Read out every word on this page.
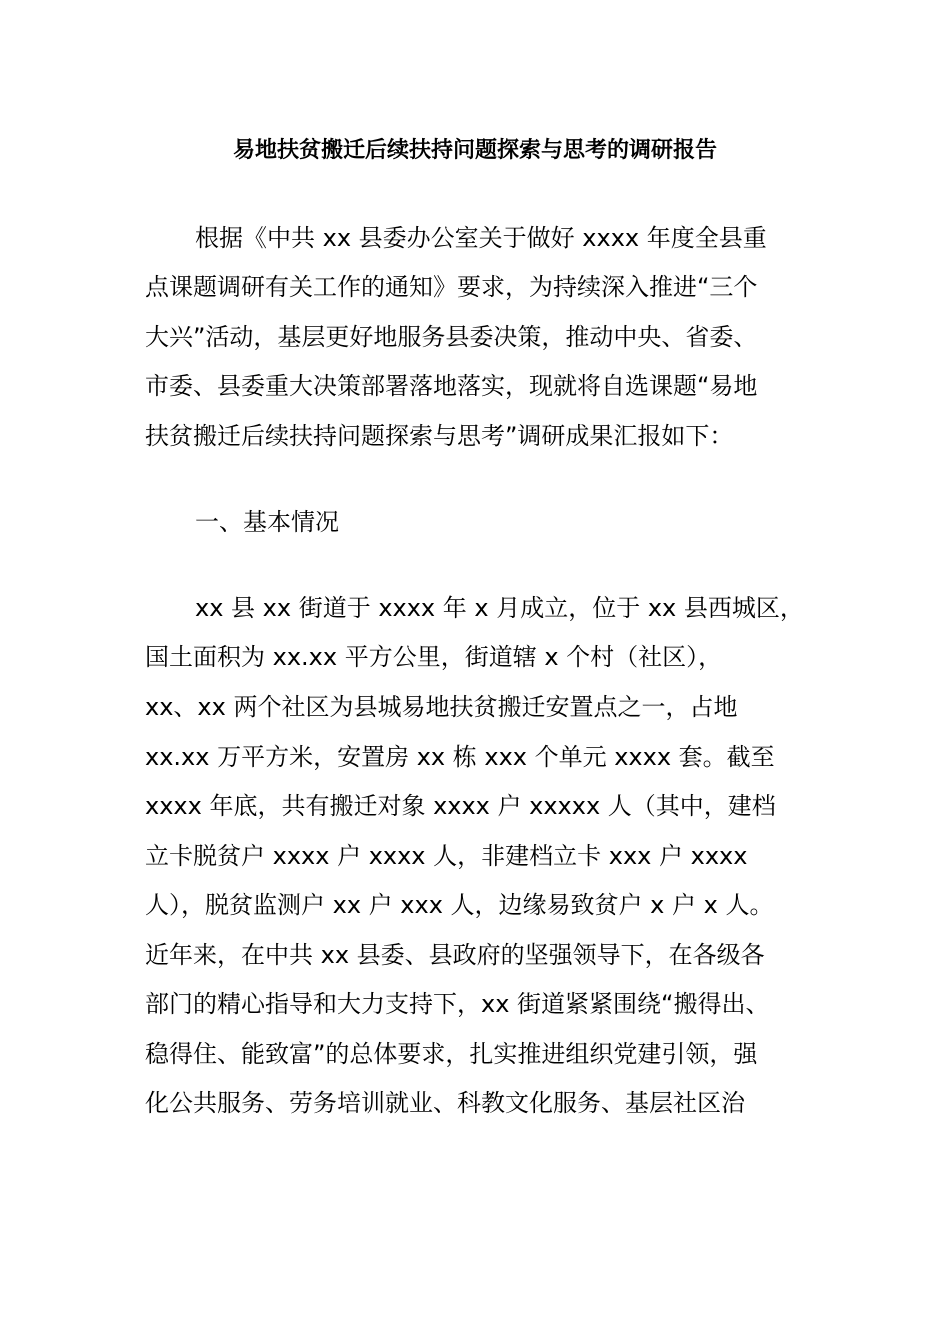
易地扶贫搬迁后续扶持问题探索与思考的调研报告
根据《中共 xx 县委办公室关于做好 xxxx 年度全县重
点课题调研有关工作的通知》要求，为持续深入推进“三个
大兴”活动，基层更好地服务县委决策，推动中央、省委、
市委、县委重大决策部署落地落实，现就将自选课题“易地
扶贫搬迁后续扶持问题探索与思考”调研成果汇报如下：
一、基本情况
xx 县 xx 街道于 xxxx 年 x 月成立，位于 xx 县西城区，
国土面积为 xx.xx 平方公里，街道辖 x 个村（社区），
xx、xx 两个社区为县城易地扶贫搬迁安置点之一，占地
xx.xx 万平方米，安置房 xx 栋 xxx 个单元 xxxx 套。截至
xxxx 年底，共有搬迁对象 xxxx 户 xxxxx 人（其中，建档
立卡脱贫户 xxxx 户 xxxx 人，非建档立卡 xxx 户 xxxx
人），脱贫监测户 xx 户 xxx 人，边缘易致贫户 x 户 x 人。
近年来，在中共 xx 县委、县政府的坚强领导下，在各级各
部门的精心指导和大力支持下，xx 街道紧紧围绕“搬得出、
稳得住、能致富”的总体要求，扎实推进组织党建引领，强
化公共服务、劳务培训就业、科教文化服务、基层社区治
